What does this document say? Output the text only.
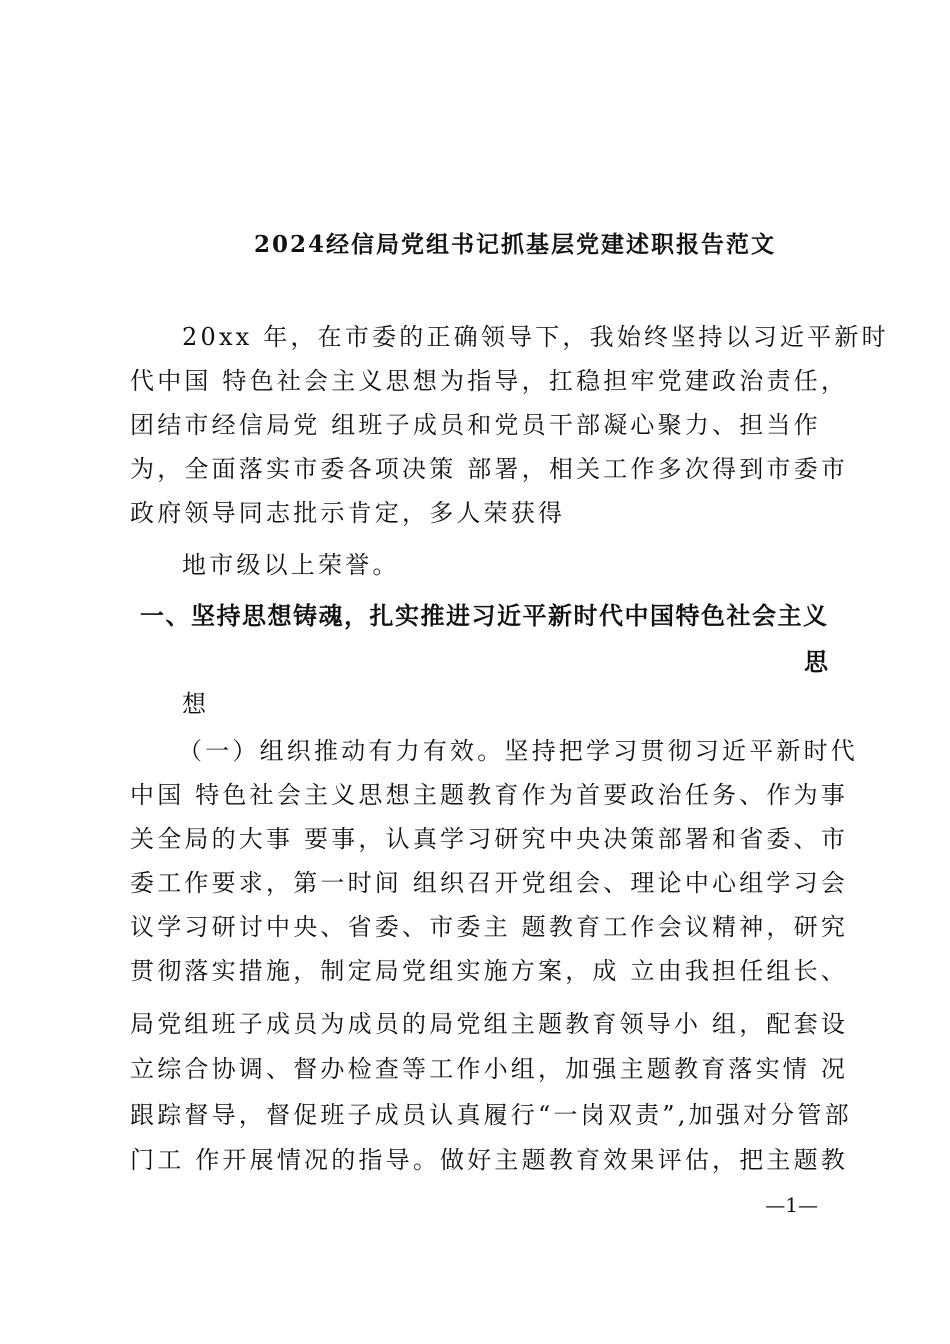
2024经信局党组书记抓基层党建述职报告范文
20xx 年，在市委的正确领导下，我始终坚持以习近平新时
代中国 特色社会主义思想为指导，扛稳担牢党建政治责任，
团结市经信局党 组班子成员和党员干部凝心聚力、担当作
为，全面落实市委各项决策 部署，相关工作多次得到市委市
政府领导同志批示肯定，多人荣获得
地市级以上荣誉。
一、坚持思想铸魂，扎实推进习近平新时代中国特色社会主义
思
想
（一）组织推动有力有效。坚持把学习贯彻习近平新时代
中国 特色社会主义思想主题教育作为首要政治任务、作为事
关全局的大事 要事，认真学习研究中央决策部署和省委、市
委工作要求，第一时间 组织召开党组会、理论中心组学习会
议学习研讨中央、省委、市委主 题教育工作会议精神，研究
贯彻落实措施，制定局党组实施方案，成 立由我担任组长、
局党组班子成员为成员的局党组主题教育领导小 组，配套设
立综合协调、督办检查等工作小组，加强主题教育落实情 况
跟踪督导，督促班子成员认真履行“一岗双责”,加强对分管部
门工 作开展情况的指导。做好主题教育效果评估，把主题教
—1—
